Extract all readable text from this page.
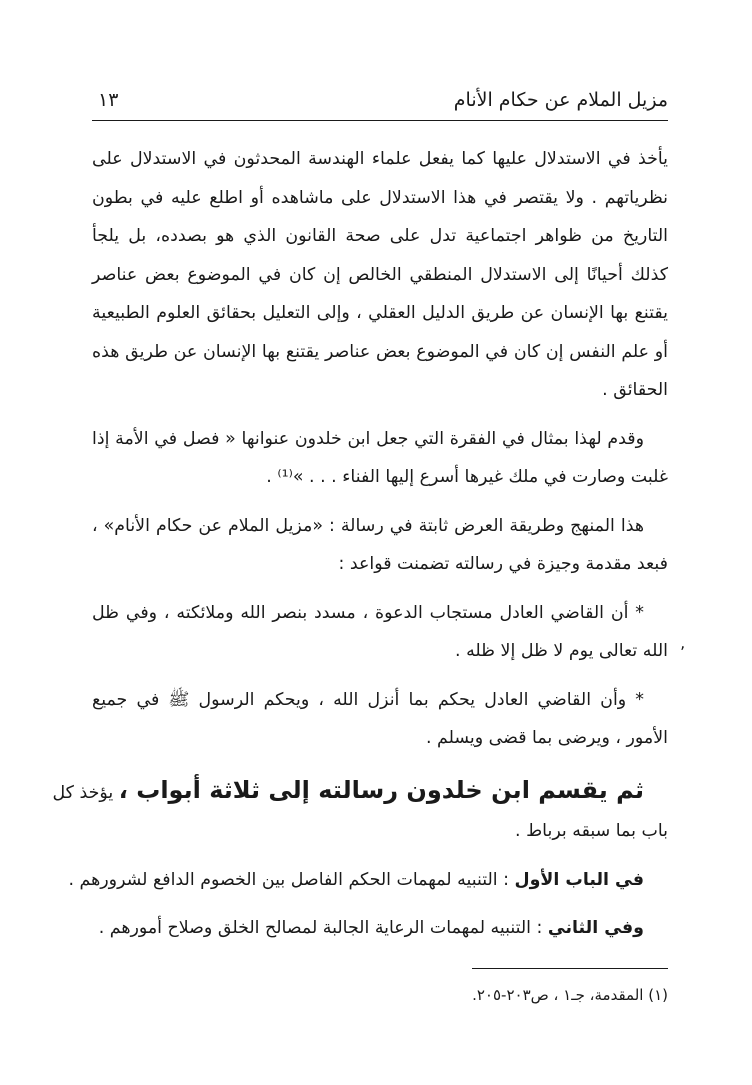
مزيل الملام عن حكام الأنام
١٣

يأخذ في الاستدلال عليها كما يفعل علماء الهندسة المحدثون في الاستدلال على
نظرياتهم . ولا يقتصر في هذا الاستدلال على ماشاهده أو اطلع عليه في بطون
التاريخ من ظواهر اجتماعية تدل على صحة القانون الذي هو بصدده، بل يلجأ
كذلك أحيانًا إلى الاستدلال المنطقي الخالص إن كان في الموضوع بعض عناصر
يقتنع بها الإنسان عن طريق الدليل العقلي ، وإلى التعليل بحقائق العلوم الطبيعية
أو علم النفس إن كان في الموضوع بعض عناصر يقتنع بها الإنسان عن طريق هذه
الحقائق .

وقدم لهذا بمثال في الفقرة التي جعل ابن خلدون عنوانها « فصل في الأمة إذا
غلبت وصارت في ملك غيرها أسرع إليها الفناء . . . »⁽¹⁾ .

هذا المنهج وطريقة العرض ثابتة في رسالة : «مزيل الملام عن حكام الأنام» ،
فبعد مقدمة وجيزة في رسالته تضمنت قواعد :

* أن القاضي العادل مستجاب الدعوة ، مسدد بنصر الله وملائكته ، وفي ظل
الله تعالى يوم لا ظل إلا ظله .

* وأن القاضي العادل يحكم بما أنزل الله ، ويحكم الرسول ﷺ في جميع
الأمور ، ويرضى بما قضى ويسلم .

ثم يقسم ابن خلدون رسالته إلى ثلاثة أبواب ، يؤخذ كل
باب بما سبقه برباط .

في الباب الأول : التنبيه لمهمات الحكم الفاصل بين الخصوم الدافع لشرورهم .

وفي الثاني : التنبيه لمهمات الرعاية الجالبة لمصالح الخلق وصلاح أمورهم .

ʼ
(١) المقدمة، جـ١ ، ص٢٠٣-٢٠٥.
